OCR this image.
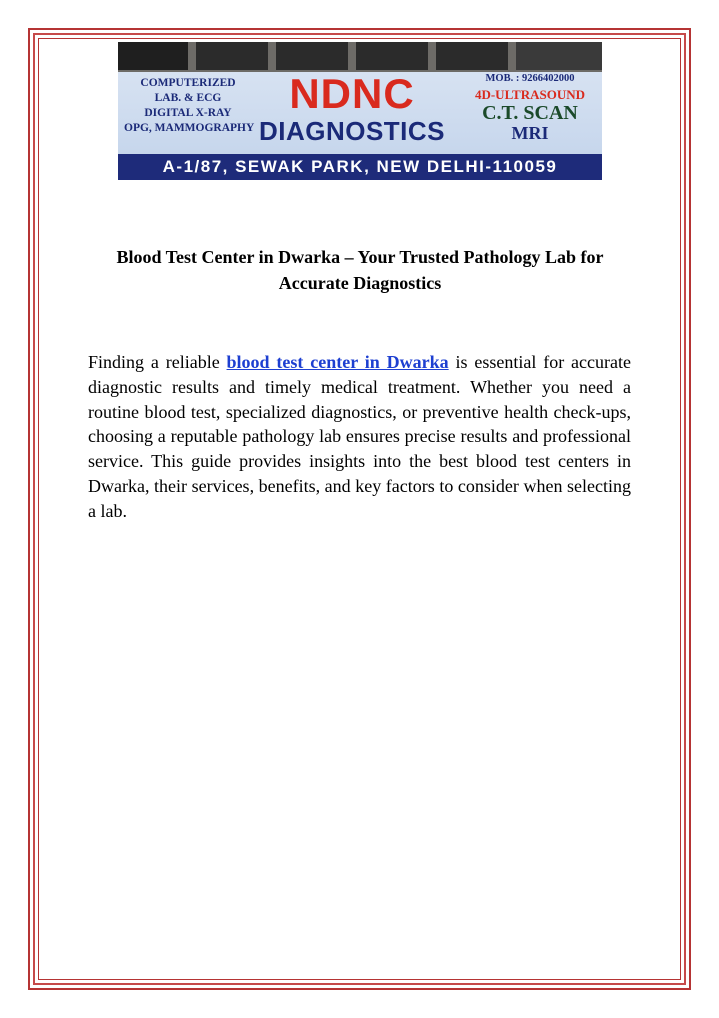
COMPUTERIZED
LAB. & ECG
DIGITAL X-RAY
OPG, MAMMOGRAPHY
NDNC
DIAGNOSTICS
MOB. : 9266402000
4D-ULTRASOUND
C.T. SCAN
MRI
A-1/87, SEWAK PARK, NEW DELHI-110059
Blood Test Center in Dwarka – Your Trusted Pathology Lab for Accurate Diagnostics

Finding a reliable blood test center in Dwarka is essential for accurate diagnostic results and timely medical treatment. Whether you need a routine blood test, specialized diagnostics, or preventive health check-ups, choosing a reputable pathology lab ensures precise results and professional service. This guide provides insights into the best blood test centers in Dwarka, their services, benefits, and key factors to consider when selecting a lab.
